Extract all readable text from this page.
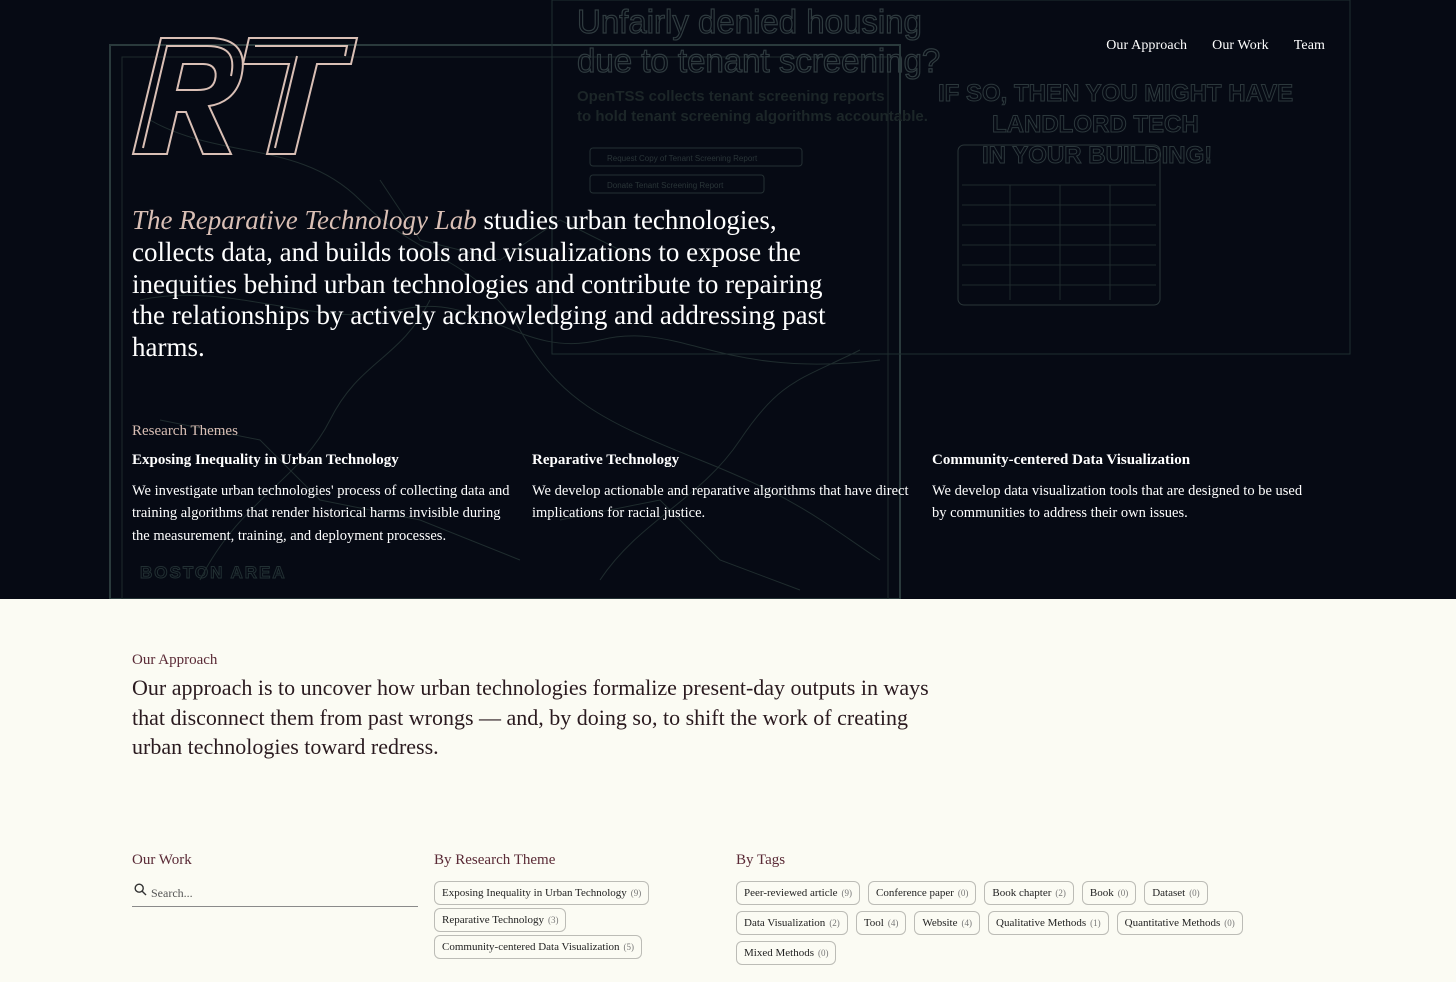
Unfairly denied housing
due to tenant screening?
OpenTSS collects tenant screening reports
to hold tenant screening algorithms accountable.
Request Copy of Tenant Screening Report
Donate Tenant Screening Report
IF SO, THEN YOU MIGHT HAVE
LANDLORD TECH
IN YOUR BUILDING!
BOSTON AREA
Our Approach Our Work Team

The Reparative Technology Lab studies urban technologies, collects data, and builds tools and visualizations to expose the inequities behind urban technologies and contribute to repairing the relationships by actively acknowledging and addressing past harms.

Research Themes
Exposing Inequality in Urban Technology

We investigate urban technologies' process of collecting data and training algorithms that render historical harms invisible during the measurement, training, and deployment processes.

Reparative Technology

We develop actionable and reparative algorithms that have direct implications for racial justice.

Community-centered Data Visualization

We develop data visualization tools that are designed to be used by communities to address their own issues.

Our Approach

Our approach is to uncover how urban technologies formalize present-day outputs in ways that disconnect them from past wrongs — and, by doing so, to shift the work of creating urban technologies toward redress.

Our Work
Search...	By Research Theme
Exposing Inequality in Urban Technology (9)
Reparative Technology (3)
Community-centered Data Visualization (5)
By Tags
Peer-reviewed article (9) Conference paper (0) Book chapter (2) Book (0) Dataset (0)
Data Visualization (2) Tool (4) Website (4) Qualitative Methods (1) Quantitative Methods (0)
Mixed Methods (0)
